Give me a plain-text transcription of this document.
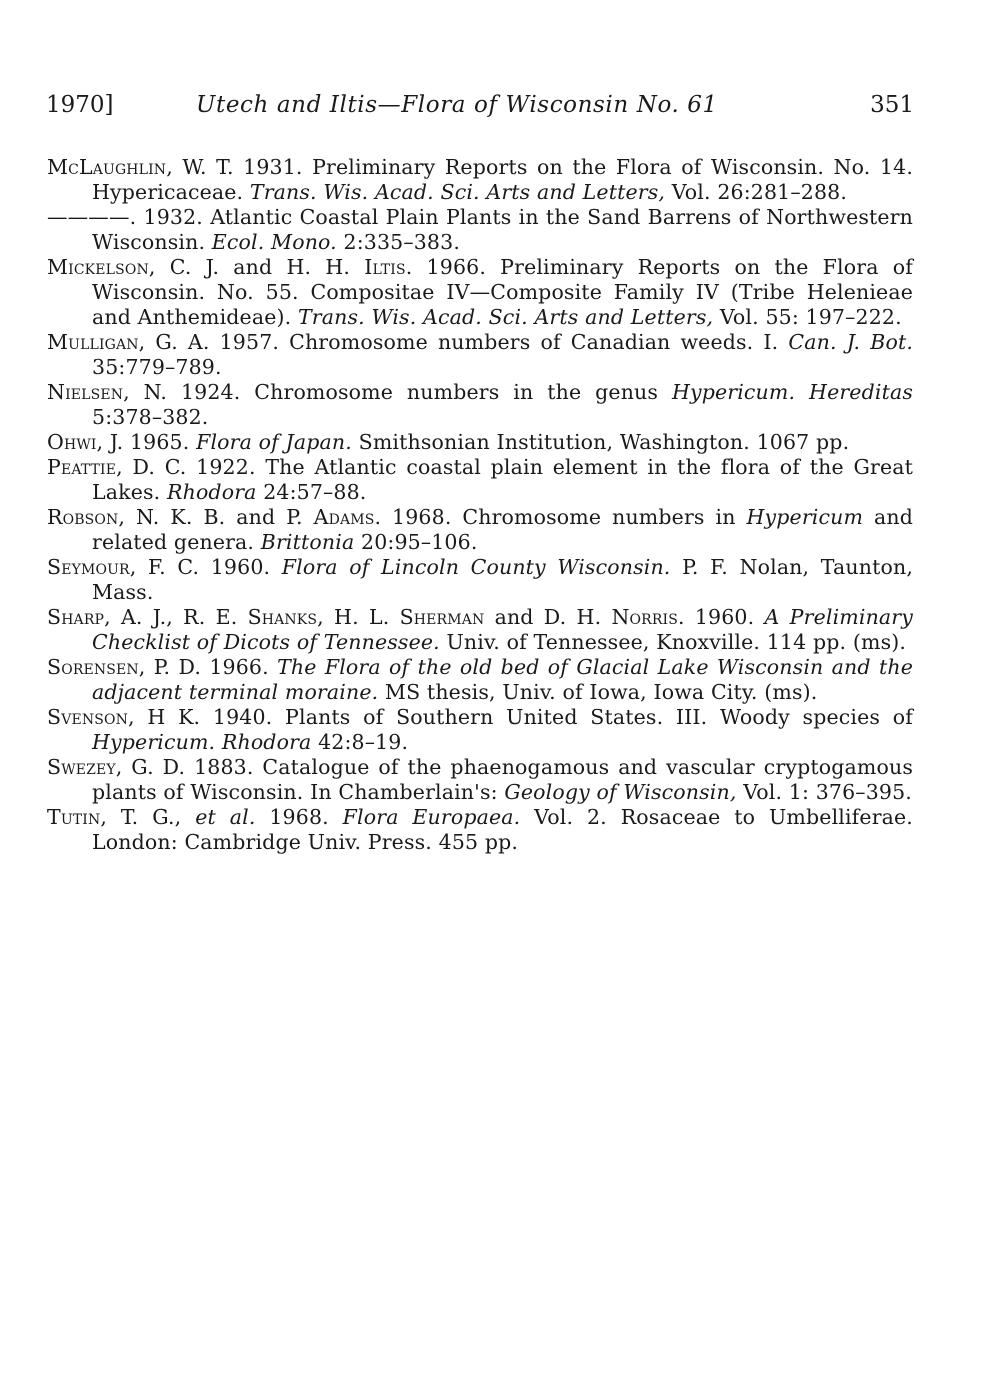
1970]	Utech and Iltis—Flora of Wisconsin No. 61	351

McLaughlin, W. T. 1931. Preliminary Reports on the Flora of Wisconsin. No. 14. Hypericaceae. Trans. Wis. Acad. Sci. Arts and Letters, Vol. 26:281–288.

————. 1932. Atlantic Coastal Plain Plants in the Sand Barrens of Northwestern Wisconsin. Ecol. Mono. 2:335–383.

Mickelson, C. J. and H. H. Iltis. 1966. Preliminary Reports on the Flora of Wisconsin. No. 55. Compositae IV—Composite Family IV (Tribe Helenieae and Anthemideae). Trans. Wis. Acad. Sci. Arts and Letters, Vol. 55: 197–222.

Mulligan, G. A. 1957. Chromosome numbers of Canadian weeds. I. Can. J. Bot. 35:779–789.

Nielsen, N. 1924. Chromosome numbers in the genus Hypericum. Hereditas 5:378–382.

Ohwi, J. 1965. Flora of Japan. Smithsonian Institution, Washington. 1067 pp.

Peattie, D. C. 1922. The Atlantic coastal plain element in the flora of the Great Lakes. Rhodora 24:57–88.

Robson, N. K. B. and P. Adams. 1968. Chromosome numbers in Hypericum and related genera. Brittonia 20:95–106.

Seymour, F. C. 1960. Flora of Lincoln County Wisconsin. P. F. Nolan, Taunton, Mass.

Sharp, A. J., R. E. Shanks, H. L. Sherman and D. H. Norris. 1960. A Preliminary Checklist of Dicots of Tennessee. Univ. of Tennessee, Knoxville. 114 pp. (ms).

Sorensen, P. D. 1966. The Flora of the old bed of Glacial Lake Wisconsin and the adjacent terminal moraine. MS thesis, Univ. of Iowa, Iowa City. (ms).

Svenson, H K. 1940. Plants of Southern United States. III. Woody species of Hypericum. Rhodora 42:8–19.

Swezey, G. D. 1883. Catalogue of the phaenogamous and vascular cryptogamous plants of Wisconsin. In Chamberlain's: Geology of Wisconsin, Vol. 1: 376–395.

Tutin, T. G., et al. 1968. Flora Europaea. Vol. 2. Rosaceae to Umbelliferae. London: Cambridge Univ. Press. 455 pp.
